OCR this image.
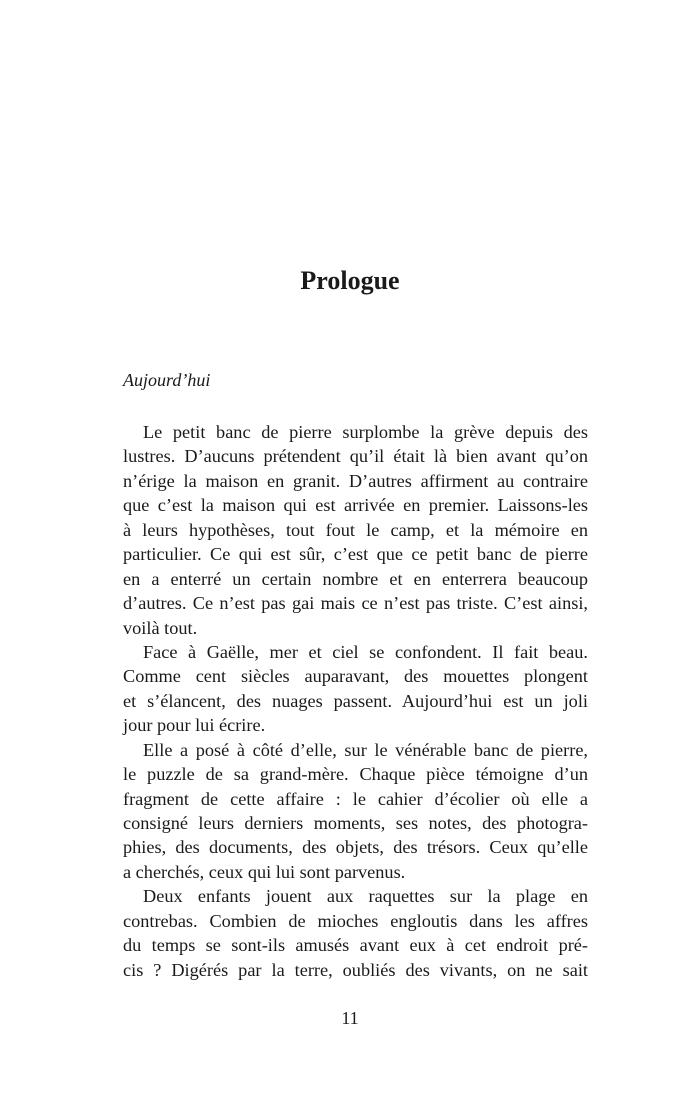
Prologue
Aujourd’hui
Le petit banc de pierre surplombe la grève depuis des
lustres. D’aucuns prétendent qu’il était là bien avant qu’on
n’érige la maison en granit. D’autres affirment au contraire
que c’est la maison qui est arrivée en premier. Laissons-les
à leurs hypothèses, tout fout le camp, et la mémoire en
particulier. Ce qui est sûr, c’est que ce petit banc de pierre
en a enterré un certain nombre et en enterrera beaucoup
d’autres. Ce n’est pas gai mais ce n’est pas triste. C’est ainsi,
voilà tout.
Face à Gaëlle, mer et ciel se confondent. Il fait beau.
Comme cent siècles auparavant, des mouettes plongent
et s’élancent, des nuages passent. Aujourd’hui est un joli
jour pour lui écrire.
Elle a posé à côté d’elle, sur le vénérable banc de pierre,
le puzzle de sa grand-mère. Chaque pièce témoigne d’un
fragment de cette affaire : le cahier d’écolier où elle a
consigné leurs derniers moments, ses notes, des photogra-
phies, des documents, des objets, des trésors. Ceux qu’elle
a cherchés, ceux qui lui sont parvenus.
Deux enfants jouent aux raquettes sur la plage en
contrebas. Combien de mioches engloutis dans les affres
du temps se sont-ils amusés avant eux à cet endroit pré-
cis ? Digérés par la terre, oubliés des vivants, on ne sait
11
